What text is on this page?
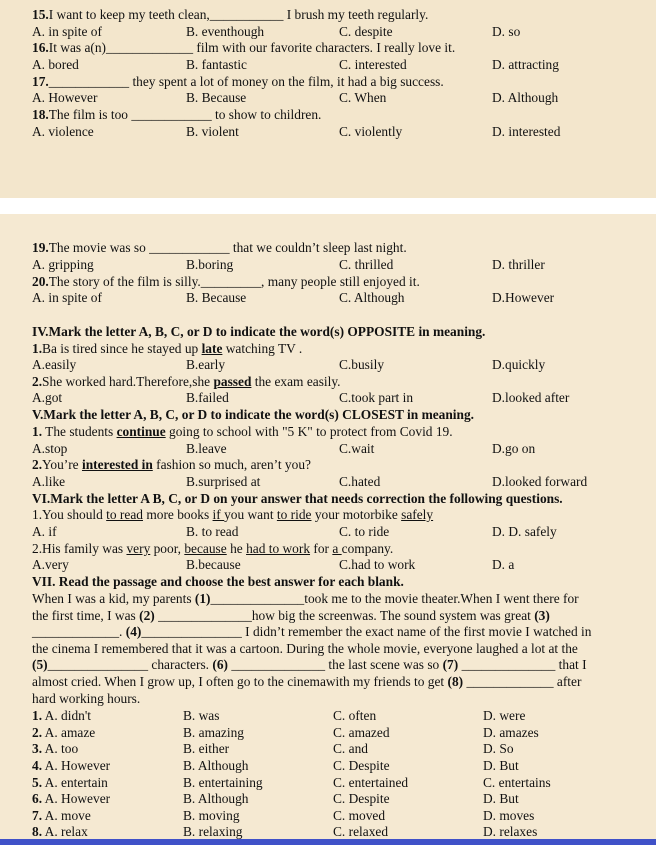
15.I want to keep my teeth clean,___________ I brush my teeth regularly.
A. in spite of	B. eventhough	C. despite	D. so
16.It was a(n)_____________ film with our favorite characters. I really love it.
A. bored	B. fantastic	C. interested	D. attracting
17.____________ they spent a lot of money on the film, it had a big success.
A. However	B. Because	C. When	D. Although
18.The film is too ____________ to show to children.
A. violence	B. violent	C. violently	D. interested
19.The movie was so ____________ that we couldn’t sleep last night.
A. gripping	B.boring	C. thrilled	D. thriller
20.The story of the film is silly._________, many people still enjoyed it.
A. in spite of	B. Because	C. Although	D.However
IV.Mark the letter A, B, C, or D to indicate the word(s) OPPOSITE in meaning.
1.Ba is tired since he stayed up late watching TV .
A.easily	B.early	C.busily	D.quickly
2.She worked hard.Therefore,she passed the exam easily.
A.got	B.failed	C.took part in	D.looked after
V.Mark the letter A, B, C, or D to indicate the word(s) CLOSEST in meaning.
1. The students continue going to school with "5 K" to protect from Covid 19.
A.stop	B.leave	C.wait	D.go on
2.You’re interested in fashion so much, aren’t you?
A.like	B.surprised at	C.hated	D.looked forward
VI.Mark the letter A B, C, or D on your answer that needs correction the following questions.
1.You should to read more books if you want to ride your motorbike safely
A. if	B. to read	C. to ride	D. D. safely
2.His family was very poor, because he had to work for a company.
A.very	B.because	C.had to work	D. a
VII. Read the passage and choose the best answer for each blank.
When I was a kid, my parents (1)______________took me to the movie theater.When I went there for
the first time, I was (2) ______________how big the screenwas. The sound system was great (3)
_____________. (4)_______________ I didn’t remember the exact name of the first movie I watched in
the cinema I remembered that it was a cartoon. During the whole movie, everyone laughed a lot at the
(5)_______________ characters. (6) ______________ the last scene was so (7) ______________ that I
almost cried. When I grow up, I often go to the cinemawith my friends to get (8) _____________ after
hard working hours.
1. A. didn't	B. was	C. often	D. were
2. A. amaze	B. amazing	C. amazed	D. amazes
3. A. too	B. either	C. and	D. So
4. A. However	B. Although	C. Despite	D. But
5. A. entertain	B. entertaining	C. entertained	C. entertains
6. A. However	B. Although	C. Despite	D. But
7. A. move	B. moving	C. moved	D. moves
8. A. relax	B. relaxing	C. relaxed	D. relaxes
